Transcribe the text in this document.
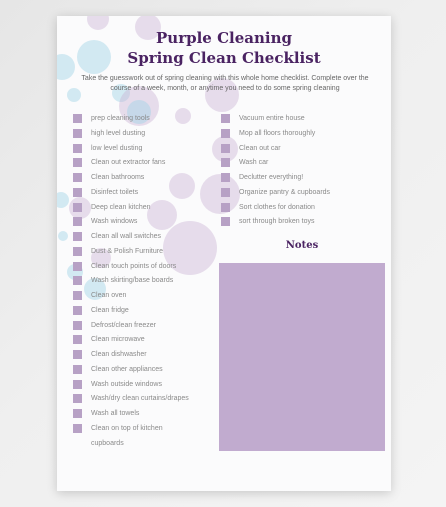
Purple Cleaning
Spring Clean Checklist
Take the guesswork out of spring cleaning with this whole home checklist. Complete over the course of a week, month, or anytime you need to do some spring cleaning
prep cleaning tools
high level dusting
low level dusting
Clean out extractor fans
Clean bathrooms
Disinfect toilets
Deep clean kitchen
Wash windows
Clean all wall switches
Dust & Polish Furniture
Clean touch points of doors
Wash skirting/base boards
Clean oven
Clean fridge
Defrost/clean freezer
Clean microwave
Clean dishwasher
Clean other appliances
Wash outside windows
Wash/dry clean curtains/drapes
Wash all towels
Clean on top of kitchen
cupboards
Vacuum entire house
Mop all floors thoroughly
Clean out car
Wash car
Declutter everything!
Organize pantry & cupboards
Sort clothes for donation
sort through broken toys
Notes
